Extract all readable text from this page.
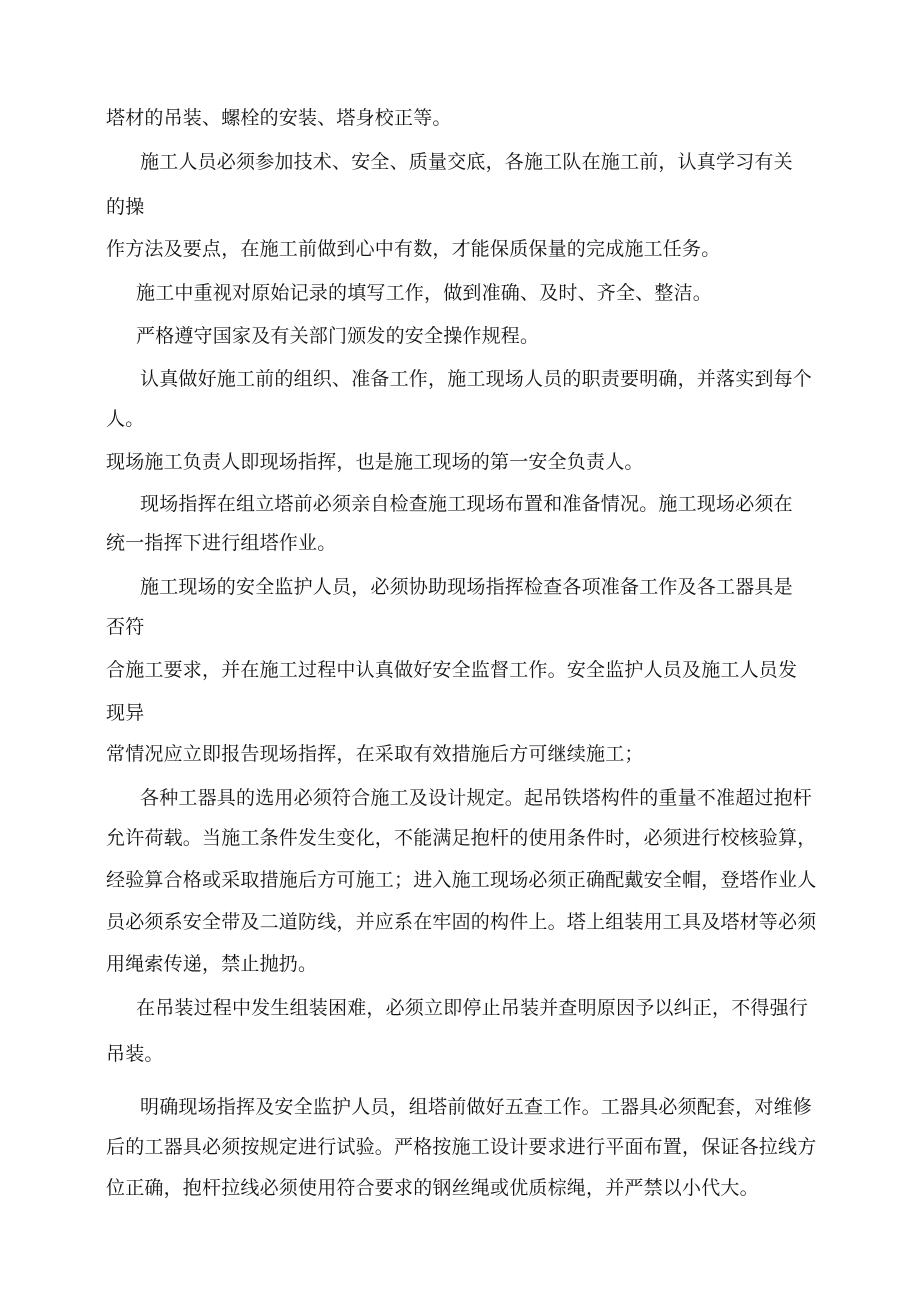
塔材的吊装、螺栓的安装、塔身校正等。
施工人员必须参加技术、安全、质量交底，各施工队在施工前，认真学习有关
的操
作方法及要点，在施工前做到心中有数，才能保质保量的完成施工任务。
施工中重视对原始记录的填写工作，做到准确、及时、齐全、整洁。
严格遵守国家及有关部门颁发的安全操作规程。
认真做好施工前的组织、准备工作，施工现场人员的职责要明确，并落实到每个
人。
现场施工负责人即现场指挥，也是施工现场的第一安全负责人。
现场指挥在组立塔前必须亲自检查施工现场布置和准备情况。施工现场必须在
统一指挥下进行组塔作业。
施工现场的安全监护人员，必须协助现场指挥检查各项准备工作及各工器具是
否符
合施工要求，并在施工过程中认真做好安全监督工作。安全监护人员及施工人员发
现异
常情况应立即报告现场指挥，在采取有效措施后方可继续施工；
各种工器具的选用必须符合施工及设计规定。起吊铁塔构件的重量不准超过抱杆
允许荷载。当施工条件发生变化，不能满足抱杆的使用条件时，必须进行校核验算，
经验算合格或采取措施后方可施工；进入施工现场必须正确配戴安全帽，登塔作业人
员必须系安全带及二道防线，并应系在牢固的构件上。塔上组装用工具及塔材等必须
用绳索传递，禁止抛扔。
在吊装过程中发生组装困难，必须立即停止吊装并查明原因予以纠正，不得强行
吊装。
明确现场指挥及安全监护人员，组塔前做好五查工作。工器具必须配套，对维修
后的工器具必须按规定进行试验。严格按施工设计要求进行平面布置，保证各拉线方
位正确，抱杆拉线必须使用符合要求的钢丝绳或优质棕绳，并严禁以小代大。
